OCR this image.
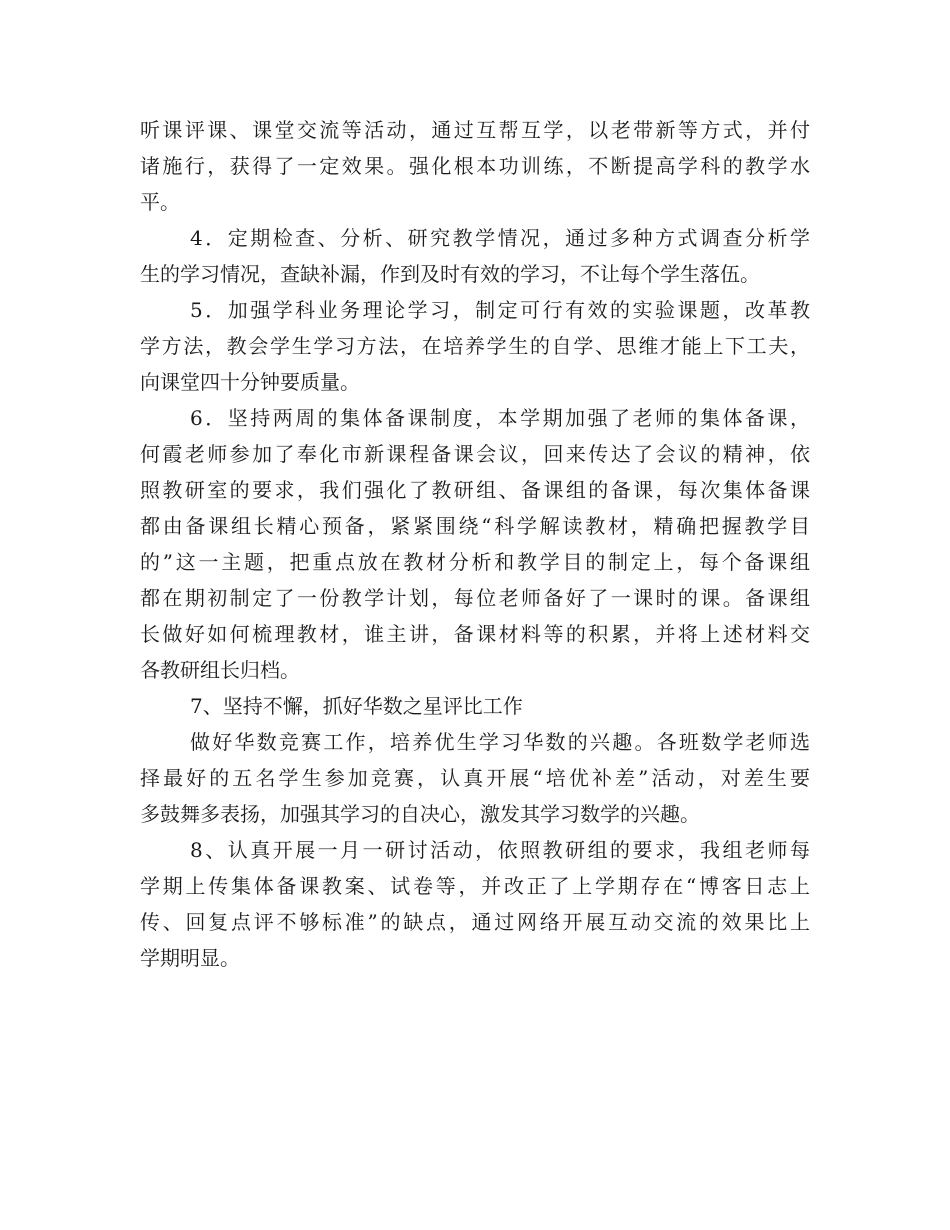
听课评课、课堂交流等活动，通过互帮互学，以老带新等方式，并付
诸施行，获得了一定效果。强化根本功训练，不断提高学科的教学水
平。
4．定期检查、分析、研究教学情况，通过多种方式调查分析学
生的学习情况，查缺补漏，作到及时有效的学习，不让每个学生落伍。
5．加强学科业务理论学习，制定可行有效的实验课题，改革教
学方法，教会学生学习方法，在培养学生的自学、思维才能上下工夫，
向课堂四十分钟要质量。
6．坚持两周的集体备课制度，本学期加强了老师的集体备课，
何霞老师参加了奉化市新课程备课会议，回来传达了会议的精神，依
照教研室的要求，我们强化了教研组、备课组的备课，每次集体备课
都由备课组长精心预备，紧紧围绕“科学解读教材，精确把握教学目
的”这一主题，把重点放在教材分析和教学目的制定上，每个备课组
都在期初制定了一份教学计划，每位老师备好了一课时的课。备课组
长做好如何梳理教材，谁主讲，备课材料等的积累，并将上述材料交
各教研组长归档。
7、坚持不懈，抓好华数之星评比工作
做好华数竞赛工作，培养优生学习华数的兴趣。各班数学老师选
择最好的五名学生参加竞赛，认真开展“培优补差”活动，对差生要
多鼓舞多表扬，加强其学习的自决心，激发其学习数学的兴趣。
8、认真开展一月一研讨活动，依照教研组的要求，我组老师每
学期上传集体备课教案、试卷等，并改正了上学期存在“博客日志上
传、回复点评不够标准”的缺点，通过网络开展互动交流的效果比上
学期明显。
